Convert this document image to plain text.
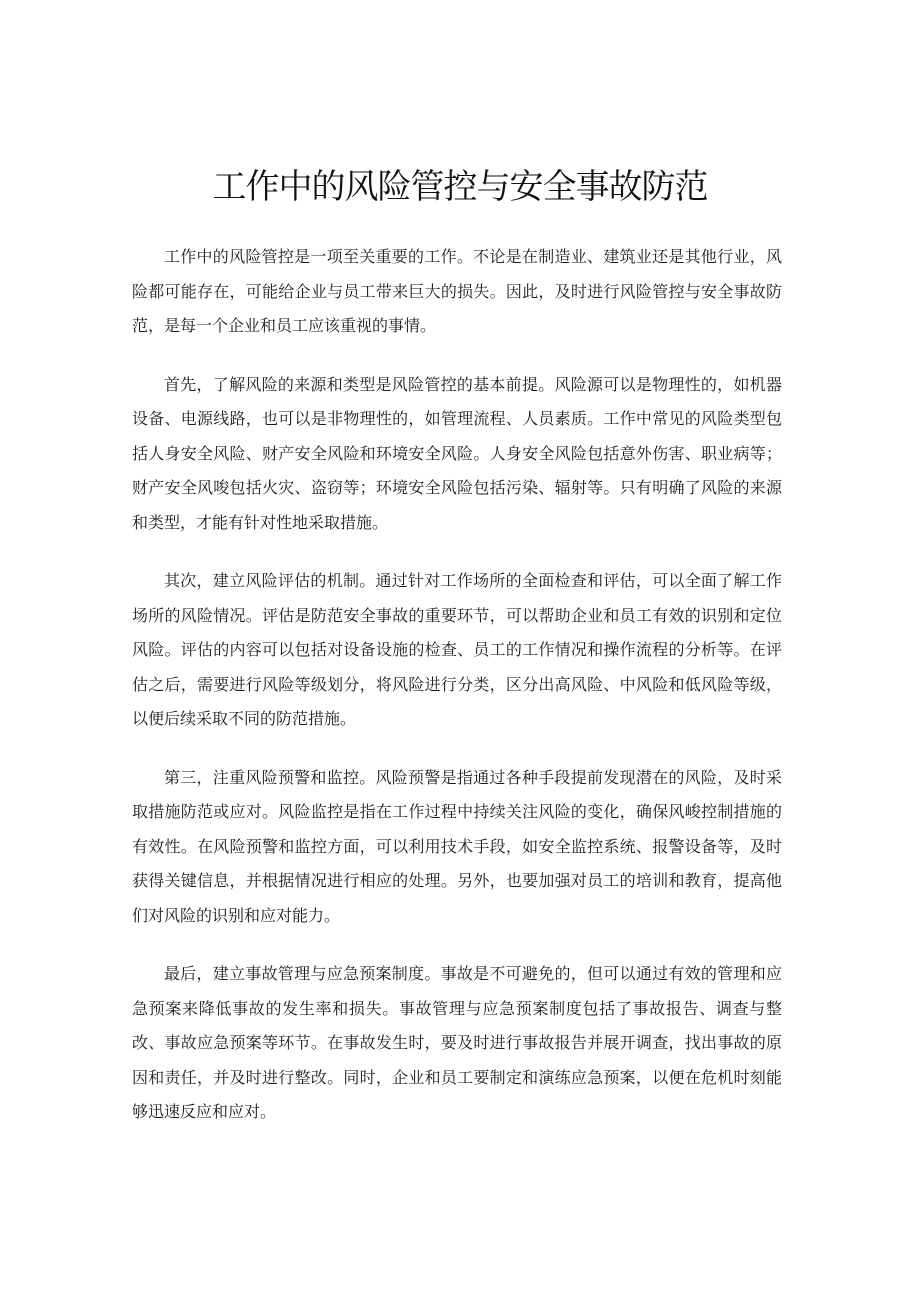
工作中的风险管控与安全事故防范

工作中的风险管控是一项至关重要的工作。不论是在制造业、建筑业还是其他行业，风险都可能存在，可能给企业与员工带来巨大的损失。因此，及时进行风险管控与安全事故防范，是每一个企业和员工应该重视的事情。

首先，了解风险的来源和类型是风险管控的基本前提。风险源可以是物理性的，如机器设备、电源线路，也可以是非物理性的，如管理流程、人员素质。工作中常见的风险类型包括人身安全风险、财产安全风险和环境安全风险。人身安全风险包括意外伤害、职业病等；财产安全风唆包括火灾、盗窃等；环境安全风险包括污染、辐射等。只有明确了风险的来源和类型，才能有针对性地采取措施。

其次，建立风险评估的机制。通过针对工作场所的全面检查和评估，可以全面了解工作场所的风险情况。评估是防范安全事故的重要环节，可以帮助企业和员工有效的识别和定位风险。评估的内容可以包括对设备设施的检查、员工的工作情况和操作流程的分析等。在评估之后，需要进行风险等级划分，将风险进行分类，区分出高风险、中风险和低风险等级，以便后续采取不同的防范措施。

第三，注重风险预警和监控。风险预警是指通过各种手段提前发现潜在的风险，及时采取措施防范或应对。风险监控是指在工作过程中持续关注风险的变化，确保风峻控制措施的有效性。在风险预警和监控方面，可以利用技术手段，如安全监控系统、报警设备等，及时获得关键信息，并根据情况进行相应的处理。另外，也要加强对员工的培训和教育，提高他们对风险的识别和应对能力。

最后，建立事故管理与应急预案制度。事故是不可避免的，但可以通过有效的管理和应急预案来降低事故的发生率和损失。事故管理与应急预案制度包括了事故报告、调查与整改、事故应急预案等环节。在事故发生时，要及时进行事故报告并展开调查，找出事故的原因和责任，并及时进行整改。同时，企业和员工要制定和演练应急预案，以便在危机时刻能够迅速反应和应对。
